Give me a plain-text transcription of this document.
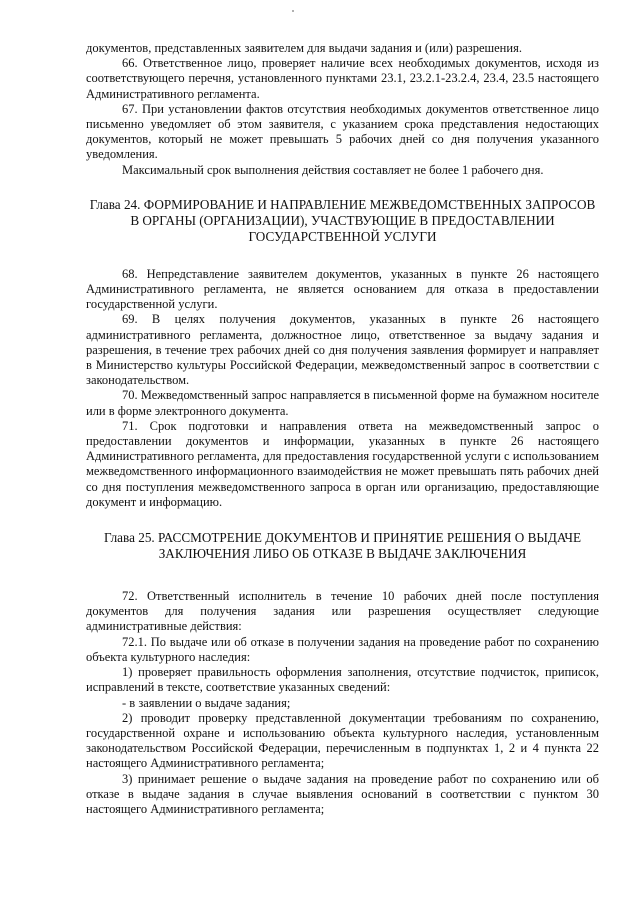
документов, представленных заявителем для выдачи задания и (или) разрешения.

66. Ответственное лицо, проверяет наличие всех необходимых документов, исходя из соответствующего перечня, установленного пунктами 23.1, 23.2.1-23.2.4, 23.4, 23.5 настоящего Административного регламента.

67. При установлении фактов отсутствия необходимых документов ответственное лицо письменно уведомляет об этом заявителя, с указанием срока представления недостающих документов, который не может превышать 5 рабочих дней со дня получения указанного уведомления.

Максимальный срок выполнения действия составляет не более 1 рабочего дня.

Глава 24. ФОРМИРОВАНИЕ И НАПРАВЛЕНИЕ МЕЖВЕДОМСТВЕННЫХ ЗАПРОСОВ В ОРГАНЫ (ОРГАНИЗАЦИИ), УЧАСТВУЮЩИЕ В ПРЕДОСТАВЛЕНИИ ГОСУДАРСТВЕННОЙ УСЛУГИ

68. Непредставление заявителем документов, указанных в пункте 26 настоящего Административного регламента, не является основанием для отказа в предоставлении государственной услуги.

69. В целях получения документов, указанных в пункте 26 настоящего административного регламента, должностное лицо, ответственное за выдачу задания и разрешения, в течение трех рабочих дней со дня получения заявления формирует и направляет в Министерство культуры Российской Федерации, межведомственный запрос в соответствии с законодательством.

70. Межведомственный запрос направляется в письменной форме на бумажном носителе или в форме электронного документа.

71. Срок подготовки и направления ответа на межведомственный запрос о предоставлении документов и информации, указанных в пункте 26 настоящего Административного регламента, для предоставления государственной услуги с использованием межведомственного информационного взаимодействия не может превышать пять рабочих дней со дня поступления межведомственного запроса в орган или организацию, предоставляющие документ и информацию.

Глава 25. РАССМОТРЕНИЕ ДОКУМЕНТОВ И ПРИНЯТИЕ РЕШЕНИЯ О ВЫДАЧЕ ЗАКЛЮЧЕНИЯ ЛИБО ОБ ОТКАЗЕ В ВЫДАЧЕ ЗАКЛЮЧЕНИЯ

72. Ответственный исполнитель в течение 10 рабочих дней после поступления документов для получения задания или разрешения осуществляет следующие административные действия:

72.1. По выдаче или об отказе в получении задания на проведение работ по сохранению объекта культурного наследия:

1) проверяет правильность оформления заполнения, отсутствие подчисток, приписок, исправлений в тексте, соответствие указанных сведений:

- в заявлении о выдаче задания;

2) проводит проверку представленной документации требованиям по сохранению, государственной охране и использованию объекта культурного наследия, установленным законодательством Российской Федерации, перечисленным в подпунктах 1, 2 и 4 пункта 22 настоящего Административного регламента;

3) принимает решение о выдаче задания на проведение работ по сохранению или об отказе в выдаче задания в случае выявления оснований в соответствии с пунктом 30 настоящего Административного регламента;
